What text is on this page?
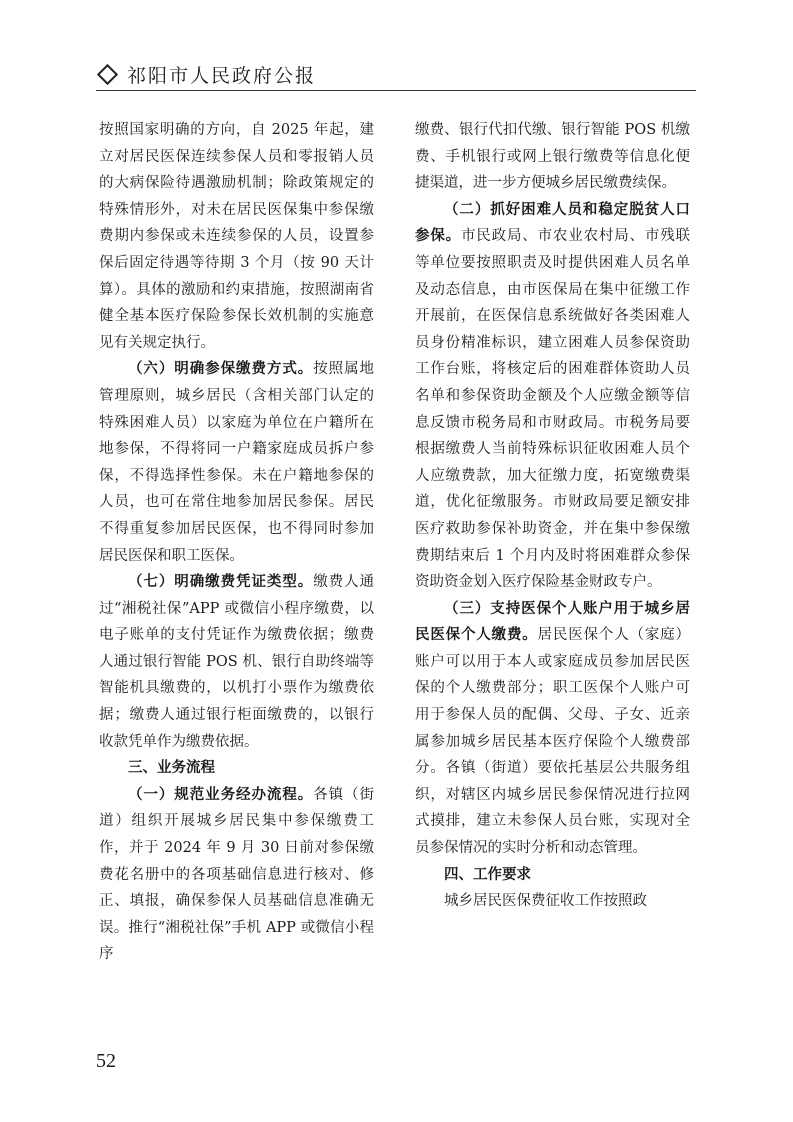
祁阳市人民政府公报

按照国家明确的方向，自 2025 年起，建立对居民医保连续参保人员和零报销人员的大病保险待遇激励机制；除政策规定的特殊情形外，对未在居民医保集中参保缴费期内参保或未连续参保的人员，设置参保后固定待遇等待期 3 个月（按 90 天计算）。具体的激励和约束措施，按照湖南省健全基本医疗保险参保长效机制的实施意见有关规定执行。

（六）明确参保缴费方式。按照属地管理原则，城乡居民（含相关部门认定的特殊困难人员）以家庭为单位在户籍所在地参保，不得将同一户籍家庭成员拆户参保，不得选择性参保。未在户籍地参保的人员，也可在常住地参加居民参保。居民不得重复参加居民医保，也不得同时参加居民医保和职工医保。

（七）明确缴费凭证类型。缴费人通过“湘税社保”APP 或微信小程序缴费，以电子账单的支付凭证作为缴费依据；缴费人通过银行智能 POS 机、银行自助终端等智能机具缴费的，以机打小票作为缴费依据；缴费人通过银行柜面缴费的，以银行收款凭单作为缴费依据。

三、业务流程

（一）规范业务经办流程。各镇（街道）组织开展城乡居民集中参保缴费工作，并于 2024 年 9 月 30 日前对参保缴费花名册中的各项基础信息进行核对、修正、填报，确保参保人员基础信息准确无误。推行“湘税社保”手机 APP 或微信小程序

缴费、银行代扣代缴、银行智能 POS 机缴费、手机银行或网上银行缴费等信息化便捷渠道，进一步方便城乡居民缴费续保。

（二）抓好困难人员和稳定脱贫人口参保。市民政局、市农业农村局、市残联等单位要按照职责及时提供困难人员名单及动态信息，由市医保局在集中征缴工作开展前，在医保信息系统做好各类困难人员身份精准标识，建立困难人员参保资助工作台账，将核定后的困难群体资助人员名单和参保资助金额及个人应缴金额等信息反馈市税务局和市财政局。市税务局要根据缴费人当前特殊标识征收困难人员个人应缴费款，加大征缴力度，拓宽缴费渠道，优化征缴服务。市财政局要足额安排医疗救助参保补助资金，并在集中参保缴费期结束后 1 个月内及时将困难群众参保资助资金划入医疗保险基金财政专户。

（三）支持医保个人账户用于城乡居民医保个人缴费。居民医保个人（家庭）账户可以用于本人或家庭成员参加居民医保的个人缴费部分；职工医保个人账户可用于参保人员的配偶、父母、子女、近亲属参加城乡居民基本医疗保险个人缴费部分。各镇（街道）要依托基层公共服务组织，对辖区内城乡居民参保情况进行拉网式摸排，建立未参保人员台账，实现对全员参保情况的实时分析和动态管理。

四、工作要求

城乡居民医保费征收工作按照政

52
